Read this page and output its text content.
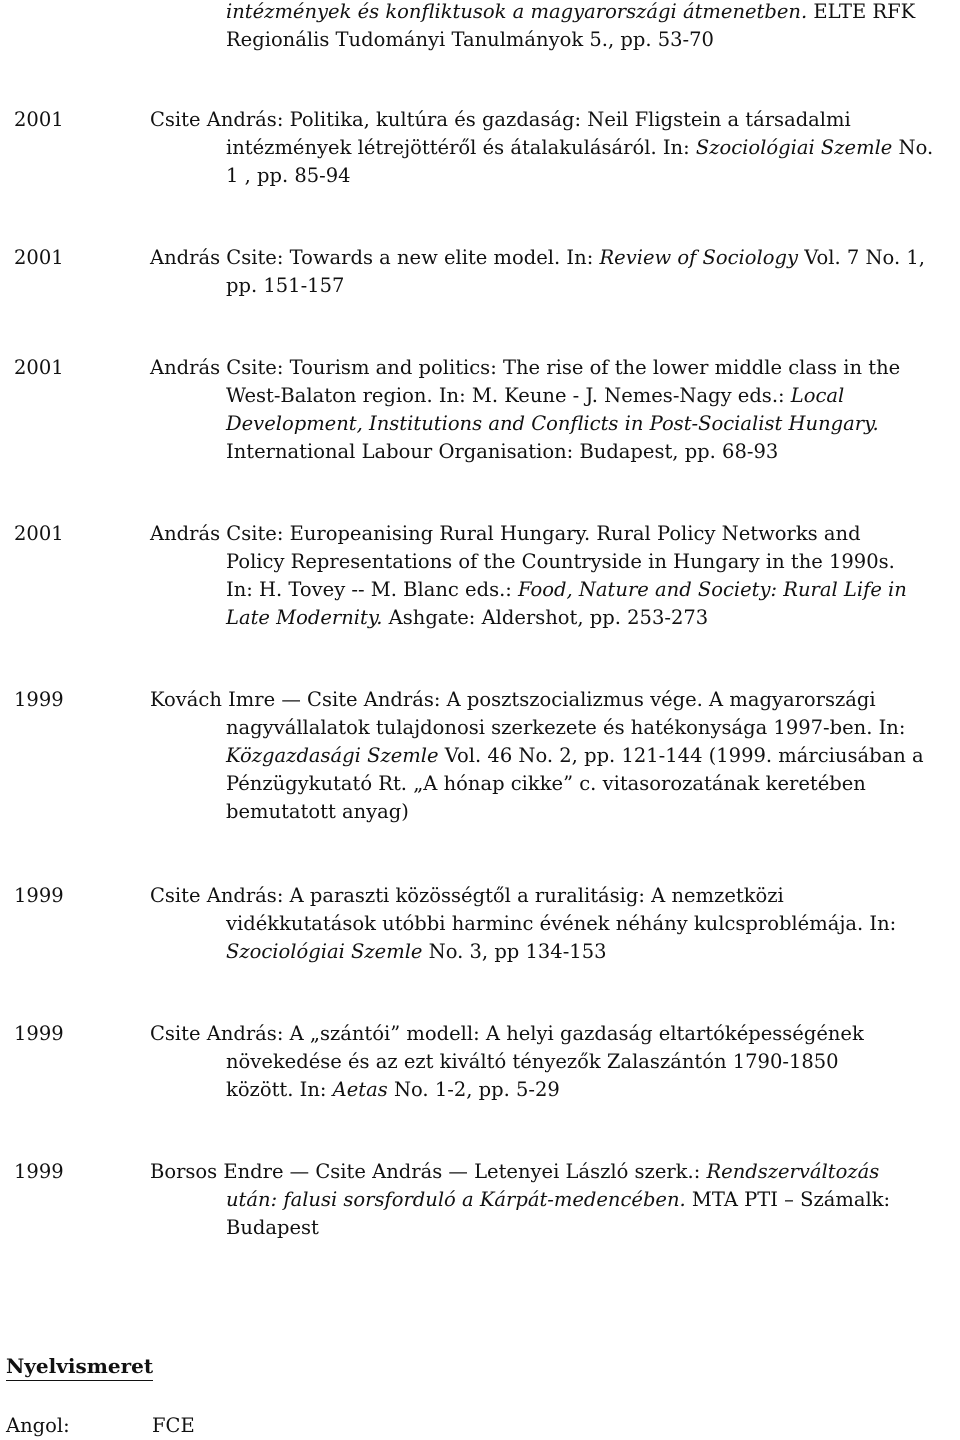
intézmények és konfliktusok a magyarországi átmenetben. ELTE RFK
Regionális Tudományi Tanulmányok 5., pp. 53-70
2001	Csite András: Politika, kultúra és gazdaság: Neil Fligstein a társadalmi
intézmények létrejöttéről és átalakulásáról. In: Szociológiai Szemle No.
1 , pp. 85-94
2001	András Csite: Towards a new elite model. In: Review of Sociology Vol. 7 No. 1,
pp. 151-157
2001	András Csite: Tourism and politics: The rise of the lower middle class in the
West-Balaton region. In: M. Keune - J. Nemes-Nagy eds.: Local
Development, Institutions and Conflicts in Post-Socialist Hungary.
International Labour Organisation: Budapest, pp. 68-93
2001	András Csite: Europeanising Rural Hungary. Rural Policy Networks and
Policy Representations of the Countryside in Hungary in the 1990s.
In: H. Tovey -- M. Blanc eds.: Food, Nature and Society: Rural Life in
Late Modernity. Ashgate: Aldershot, pp. 253-273
1999	Kovách Imre — Csite András: A posztszocializmus vége. A magyarországi
nagyvállalatok tulajdonosi szerkezete és hatékonysága 1997-ben. In:
Közgazdasági Szemle Vol. 46 No. 2, pp. 121-144 (1999. márciusában a
Pénzügykutató Rt. „A hónap cikke” c. vitasorozatának keretében
bemutatott anyag)
1999	Csite András: A paraszti közösségtől a ruralitásig: A nemzetközi
vidékkutatások utóbbi harminc évének néhány kulcsproblémája. In:
Szociológiai Szemle No. 3, pp 134-153
1999	Csite András: A „szántói” modell: A helyi gazdaság eltartóképességének
növekedése és az ezt kiváltó tényezők Zalaszántón 1790-1850
között. In: Aetas No. 1-2, pp. 5-29
1999	Borsos Endre — Csite András — Letenyei László szerk.: Rendszerváltozás
után: falusi sorsforduló a Kárpát-medencében. MTA PTI – Számalk:
Budapest
Nyelvismeret
Angol:	FCE
